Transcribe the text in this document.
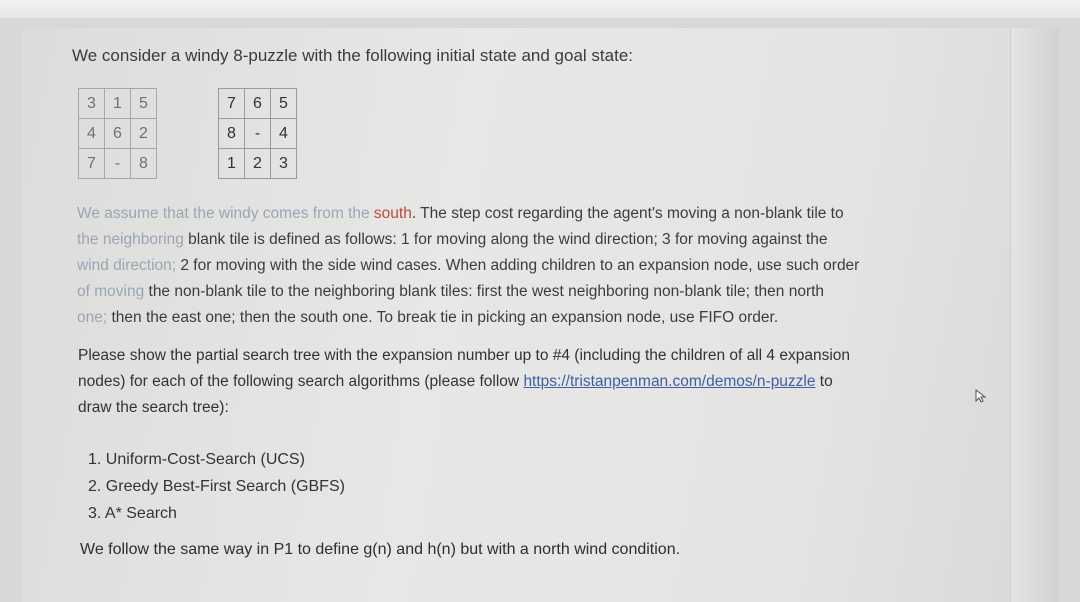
We consider a windy 8-puzzle with the following initial state and goal state:
3	1	5
4	6	2
7	-	8
7	6	5
8	-	4
1	2	3
We assume that the windy comes from the south. The step cost regarding the agent's moving a non-blank tile to
the neighboring blank tile is defined as follows: 1 for moving along the wind direction; 3 for moving against the
wind direction; 2 for moving with the side wind cases. When adding children to an expansion node, use such order
of moving the non-blank tile to the neighboring blank tiles: first the west neighboring non-blank tile; then north
one; then the east one; then the south one. To break tie in picking an expansion node, use FIFO order.
Please show the partial search tree with the expansion number up to #4 (including the children of all 4 expansion
nodes) for each of the following search algorithms (please follow https://tristanpenman.com/demos/n-puzzle to
draw the search tree):
1. Uniform-Cost-Search (UCS)
2. Greedy Best-First Search (GBFS)
3. A* Search
We follow the same way in P1 to define g(n) and h(n) but with a north wind condition.
